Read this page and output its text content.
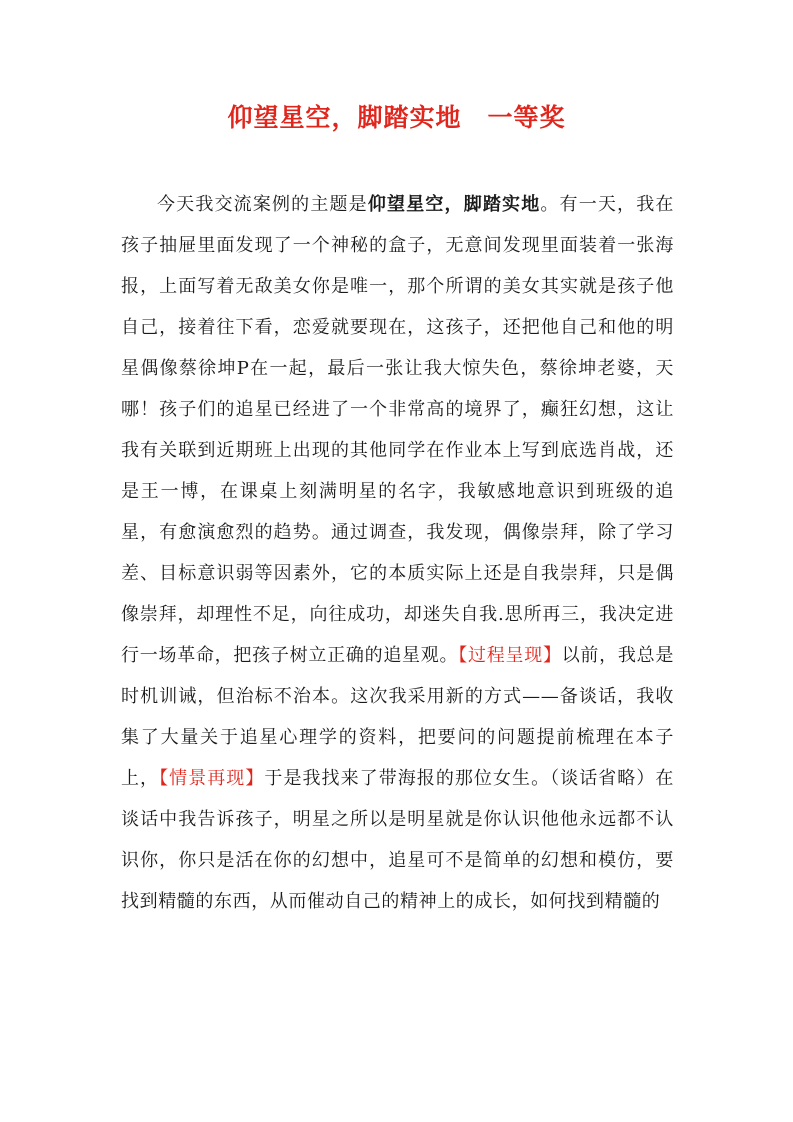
仰望星空，脚踏实地　一等奖
今天我交流案例的主题是仰望星空，脚踏实地。有一天，我在孩子抽屉里面发现了一个神秘的盒子，无意间发现里面装着一张海报，上面写着无敌美女你是唯一，那个所谓的美女其实就是孩子他自己，接着往下看，恋爱就要现在，这孩子，还把他自己和他的明星偶像蔡徐坤P在一起，最后一张让我大惊失色，蔡徐坤老婆，天哪！孩子们的追星已经进了一个非常高的境界了，癫狂幻想，这让我有关联到近期班上出现的其他同学在作业本上写到底选肖战，还是王一博，在课桌上刻满明星的名字，我敏感地意识到班级的追星，有愈演愈烈的趋势。通过调查，我发现，偶像崇拜，除了学习差、目标意识弱等因素外，它的本质实际上还是自我崇拜，只是偶像崇拜，却理性不足，向往成功，却迷失自我.思所再三，我决定进行一场革命，把孩子树立正确的追星观。【过程呈现】以前，我总是时机训诫，但治标不治本。这次我采用新的方式——备谈话，我收集了大量关于追星心理学的资料，把要问的问题提前梳理在本子上，【情景再现】于是我找来了带海报的那位女生。（谈话省略）在谈话中我告诉孩子，明星之所以是明星就是你认识他他永远都不认识你，你只是活在你的幻想中，追星可不是简单的幻想和模仿，要找到精髓的东西，从而催动自己的精神上的成长，如何找到精髓的
